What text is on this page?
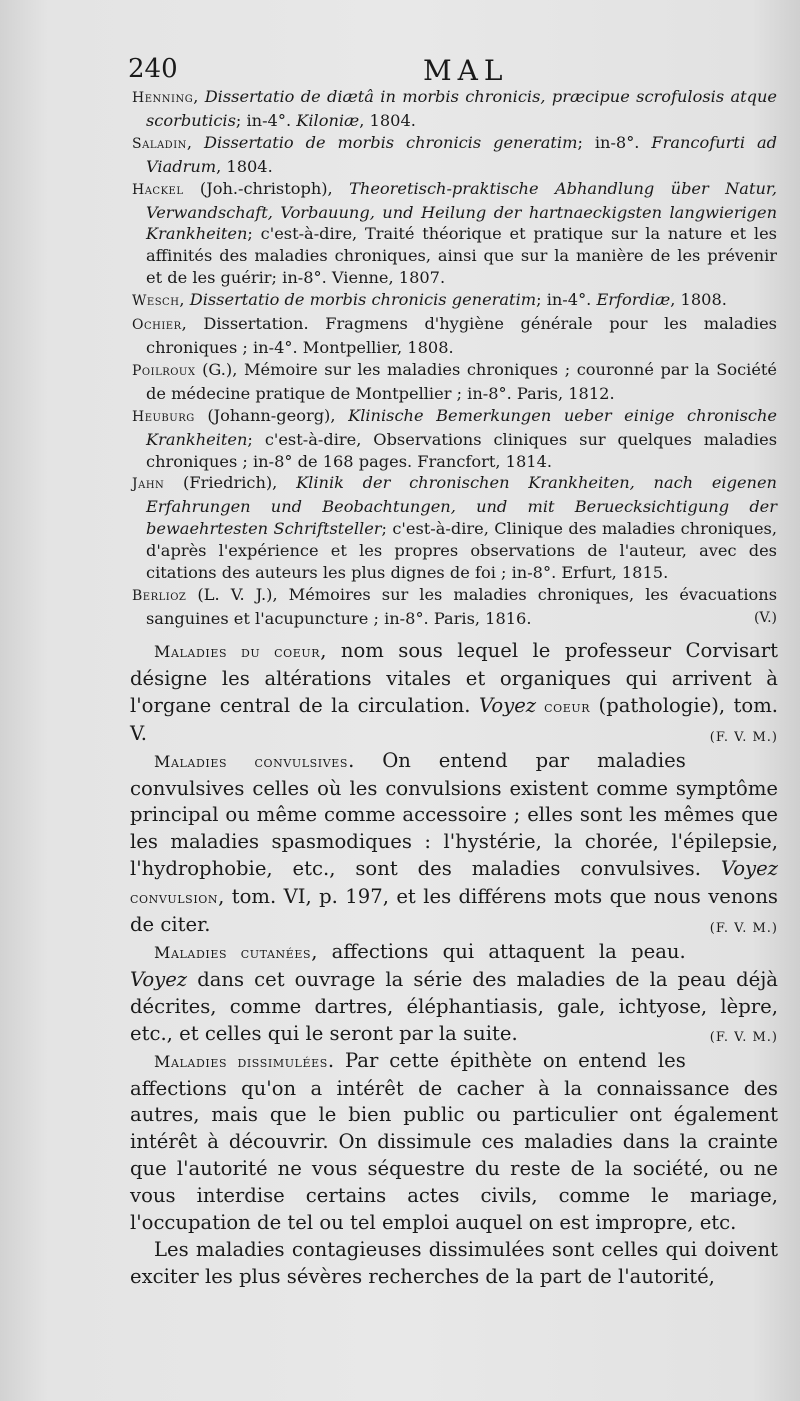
240	MAL
Henning, Dissertatio de diætâ in morbis chronicis, præcipue scrofulosis atque scorbuticis; in-4°. Kiloniæ, 1804.
Saladin, Dissertatio de morbis chronicis generatim; in-8°. Francofurti ad Viadrum, 1804.
Hackel (Joh.-christoph), Theoretisch-praktische Abhandlung über Natur, Verwandschaft, Vorbauung, und Heilung der hartnaeckigsten langwierigen Krankheiten; c'est-à-dire, Traité théorique et pratique sur la nature et les affinités des maladies chroniques, ainsi que sur la manière de les prévenir et de les guérir; in-8°. Vienne, 1807.
Wesch, Dissertatio de morbis chronicis generatim; in-4°. Erfordiæ, 1808.
Ochier, Dissertation. Fragmens d'hygiène générale pour les maladies chroniques ; in-4°. Montpellier, 1808.
Poilroux (G.), Mémoire sur les maladies chroniques ; couronné par la Société de médecine pratique de Montpellier ; in-8°. Paris, 1812.
Heuburg (Johann-georg), Klinische Bemerkungen ueber einige chronische Krankheiten; c'est-à-dire, Observations cliniques sur quelques maladies chroniques ; in-8° de 168 pages. Francfort, 1814.
Jahn (Friedrich), Klinik der chronischen Krankheiten, nach eigenen Erfahrungen und Beobachtungen, und mit Beruecksichtigung der bewaehrtesten Schriftsteller; c'est-à-dire, Clinique des maladies chroniques, d'après l'expérience et les propres observations de l'auteur, avec des citations des auteurs les plus dignes de foi ; in-8°. Erfurt, 1815.
Berlioz (L. V. J.), Mémoires sur les maladies chroniques, les évacuations sanguines et l'acupuncture ; in-8°. Paris, 1816.	(V.)
Maladies du coeur, nom sous lequel le professeur Corvisart désigne les altérations vitales et organiques qui arrivent à l'organe central de la circulation. Voyez coeur (pathologie), tom. V.	(F. V. M.)
Maladies convulsives. On entend par maladies convulsives celles où les convulsions existent comme symptôme principal ou même comme accessoire ; elles sont les mêmes que les maladies spasmodiques : l'hystérie, la chorée, l'épilepsie, l'hydrophobie, etc., sont des maladies convulsives. Voyez convulsion, tom. VI, p. 197, et les différens mots que nous venons de citer.	(F. V. M.)
Maladies cutanées, affections qui attaquent la peau. Voyez dans cet ouvrage la série des maladies de la peau déjà décrites, comme dartres, éléphantiasis, gale, ichtyose, lèpre, etc., et celles qui le seront par la suite.	(F. V. M.)
Maladies dissimulées. Par cette épithète on entend les affections qu'on a intérêt de cacher à la connaissance des autres, mais que le bien public ou particulier ont également intérêt à découvrir. On dissimule ces maladies dans la crainte que l'autorité ne vous séquestre du reste de la société, ou ne vous interdise certains actes civils, comme le mariage, l'occupation de tel ou tel emploi auquel on est impropre, etc.
Les maladies contagieuses dissimulées sont celles qui doivent exciter les plus sévères recherches de la part de l'autorité,
